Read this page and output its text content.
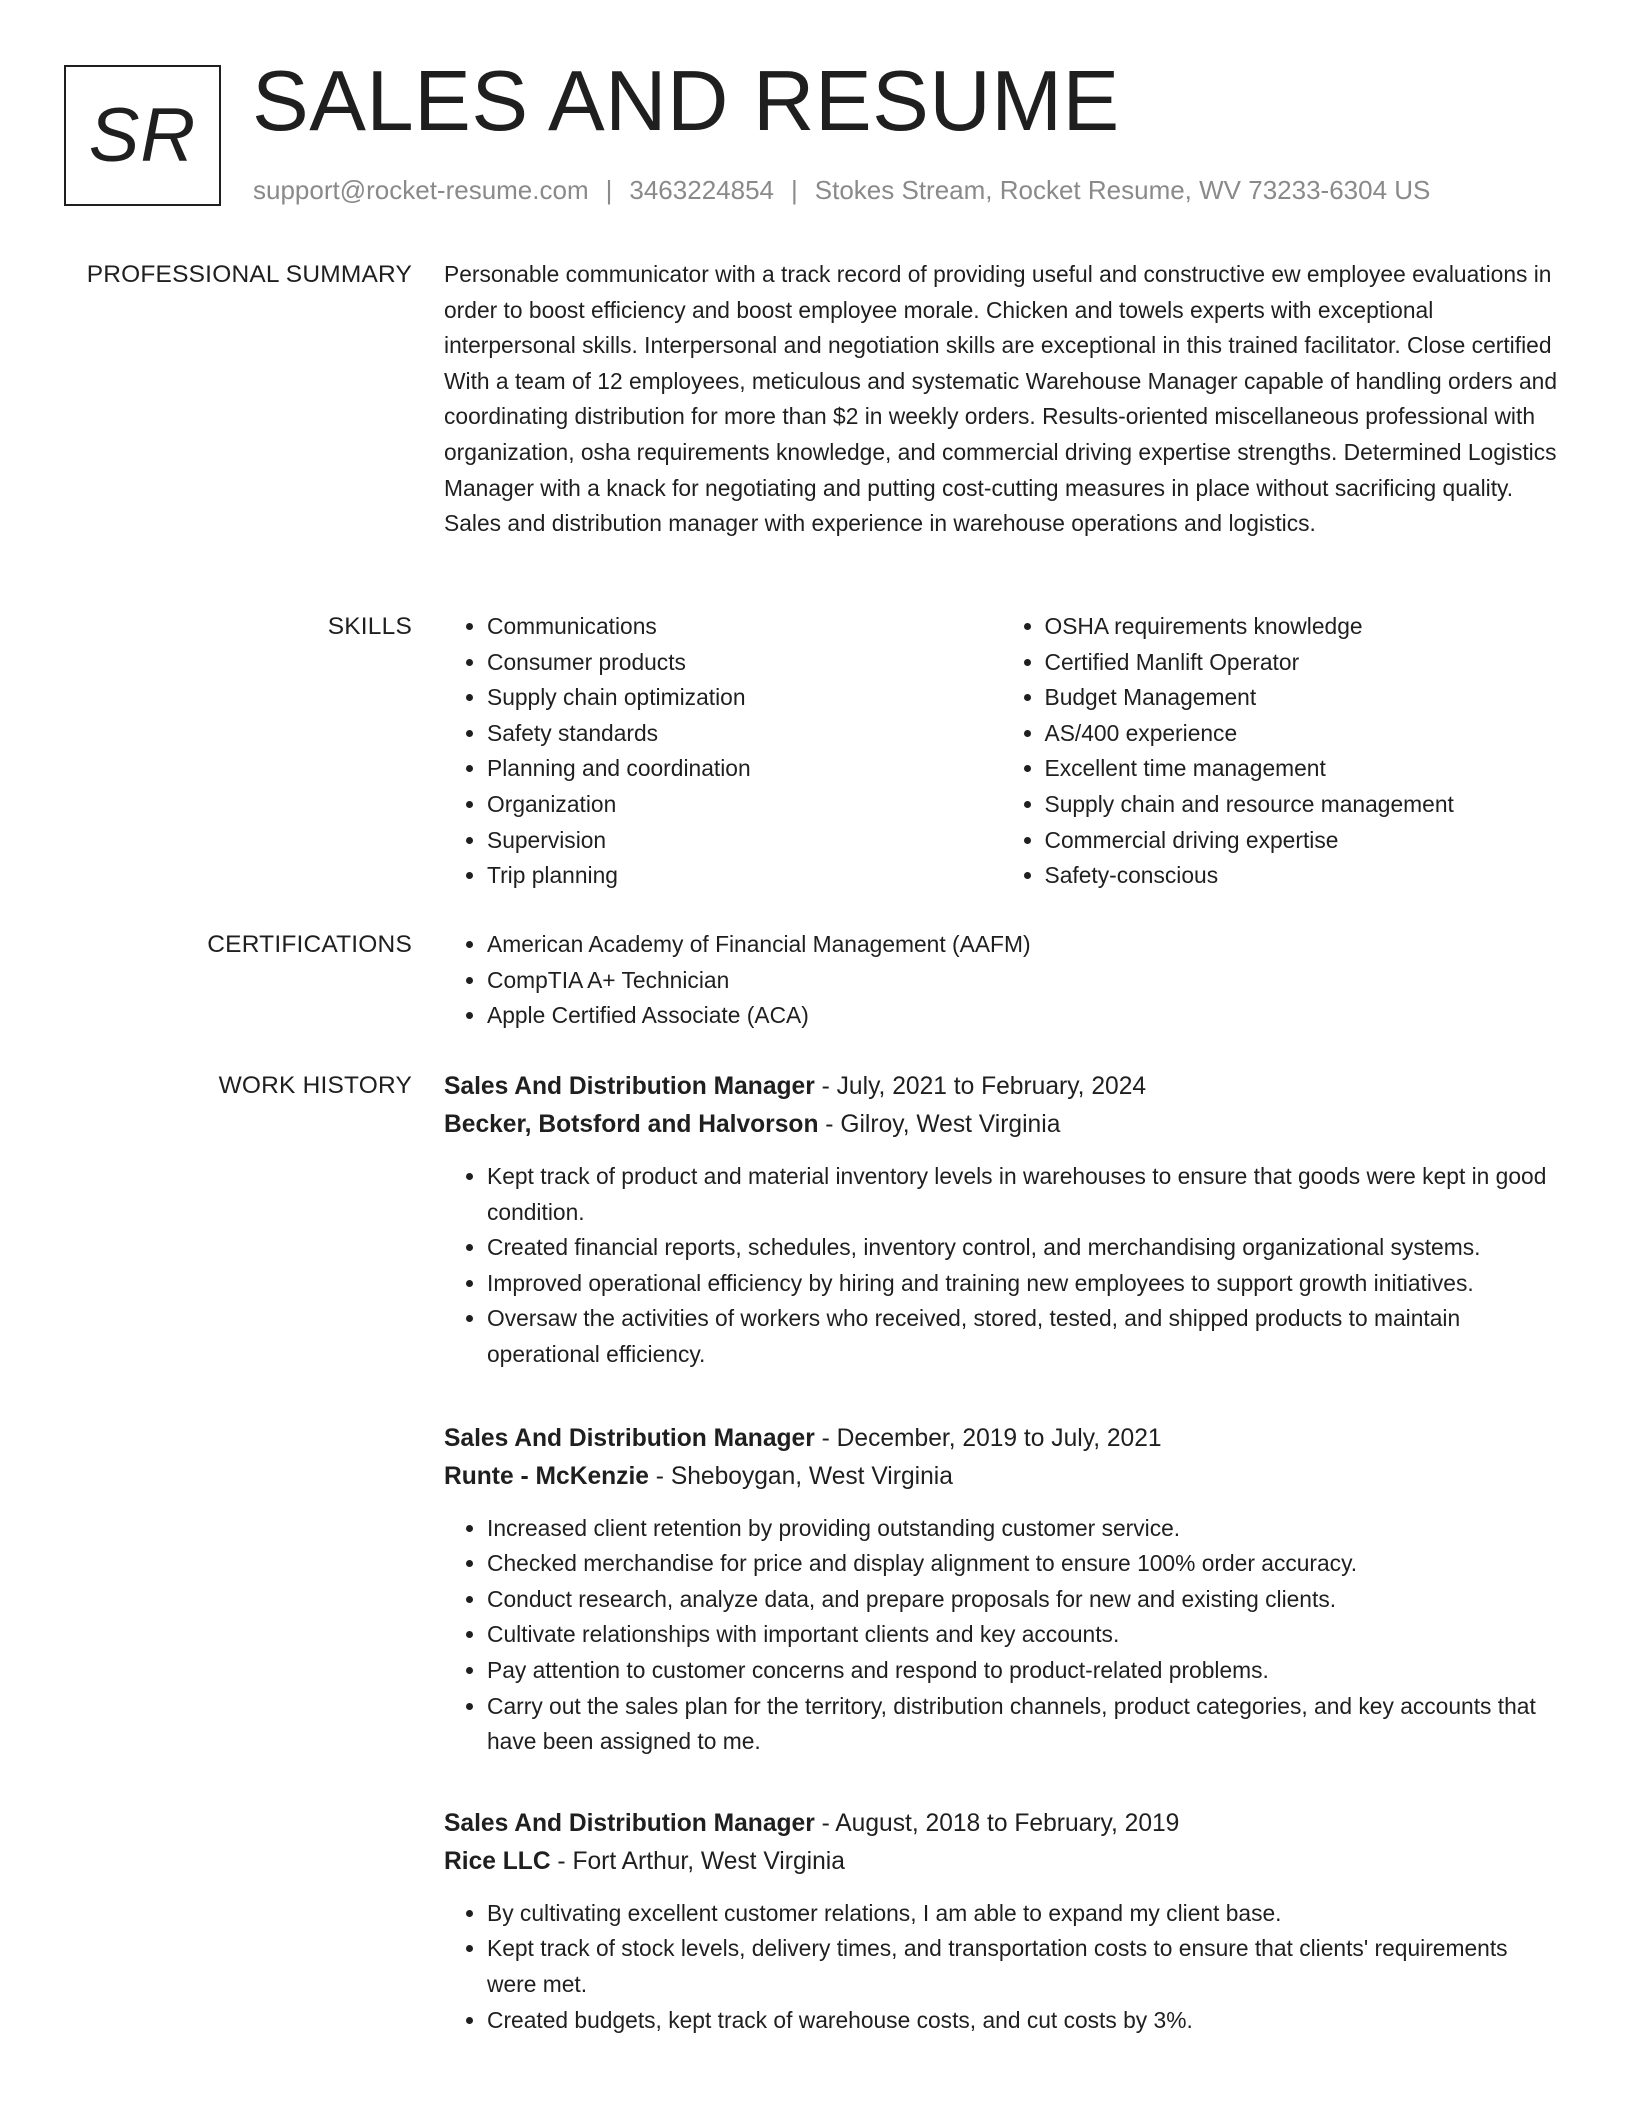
SR SALES AND RESUME
support@rocket-resume.com | 3463224854 | Stokes Stream, Rocket Resume, WV 73233-6304 US
PROFESSIONAL SUMMARY Personable communicator with a track record of providing useful and constructive ew employee evaluations in order to boost efficiency and boost employee morale. Chicken and towels experts with exceptional interpersonal skills. Interpersonal and negotiation skills are exceptional in this trained facilitator. Close certified With a team of 12 employees, meticulous and systematic Warehouse Manager capable of handling orders and coordinating distribution for more than $2 in weekly orders. Results-oriented miscellaneous professional with organization, osha requirements knowledge, and commercial driving expertise strengths. Determined Logistics Manager with a knack for negotiating and putting cost-cutting measures in place without sacrificing quality. Sales and distribution manager with experience in warehouse operations and logistics.

SKILLS	• Communications
• Consumer products
• Supply chain optimization
• Safety standards
• Planning and coordination
• Organization
• Supervision
• Trip planning
• OSHA requirements knowledge
• Certified Manlift Operator
• Budget Management
• AS/400 experience
• Excellent time management
• Supply chain and resource management
• Commercial driving expertise
• Safety-conscious
CERTIFICATIONS	• American Academy of Financial Management (AAFM)
• CompTIA A+ Technician
• Apple Certified Associate (ACA)
WORK HISTORY Sales And Distribution Manager - July, 2021 to February, 2024
Becker, Botsford and Halvorson - Gilroy, West Virginia
• Kept track of product and material inventory levels in warehouses to ensure that goods were kept in good condition.
• Created financial reports, schedules, inventory control, and merchandising organizational systems.
• Improved operational efficiency by hiring and training new employees to support growth initiatives.
• Oversaw the activities of workers who received, stored, tested, and shipped products to maintain operational efficiency.
Sales And Distribution Manager - December, 2019 to July, 2021
Runte - McKenzie - Sheboygan, West Virginia
• Increased client retention by providing outstanding customer service.
• Checked merchandise for price and display alignment to ensure 100% order accuracy.
• Conduct research, analyze data, and prepare proposals for new and existing clients.
• Cultivate relationships with important clients and key accounts.
• Pay attention to customer concerns and respond to product-related problems.
• Carry out the sales plan for the territory, distribution channels, product categories, and key accounts that have been assigned to me.
Sales And Distribution Manager - August, 2018 to February, 2019
Rice LLC - Fort Arthur, West Virginia
• By cultivating excellent customer relations, I am able to expand my client base.
• Kept track of stock levels, delivery times, and transportation costs to ensure that clients' requirements were met.
• Created budgets, kept track of warehouse costs, and cut costs by 3%.
